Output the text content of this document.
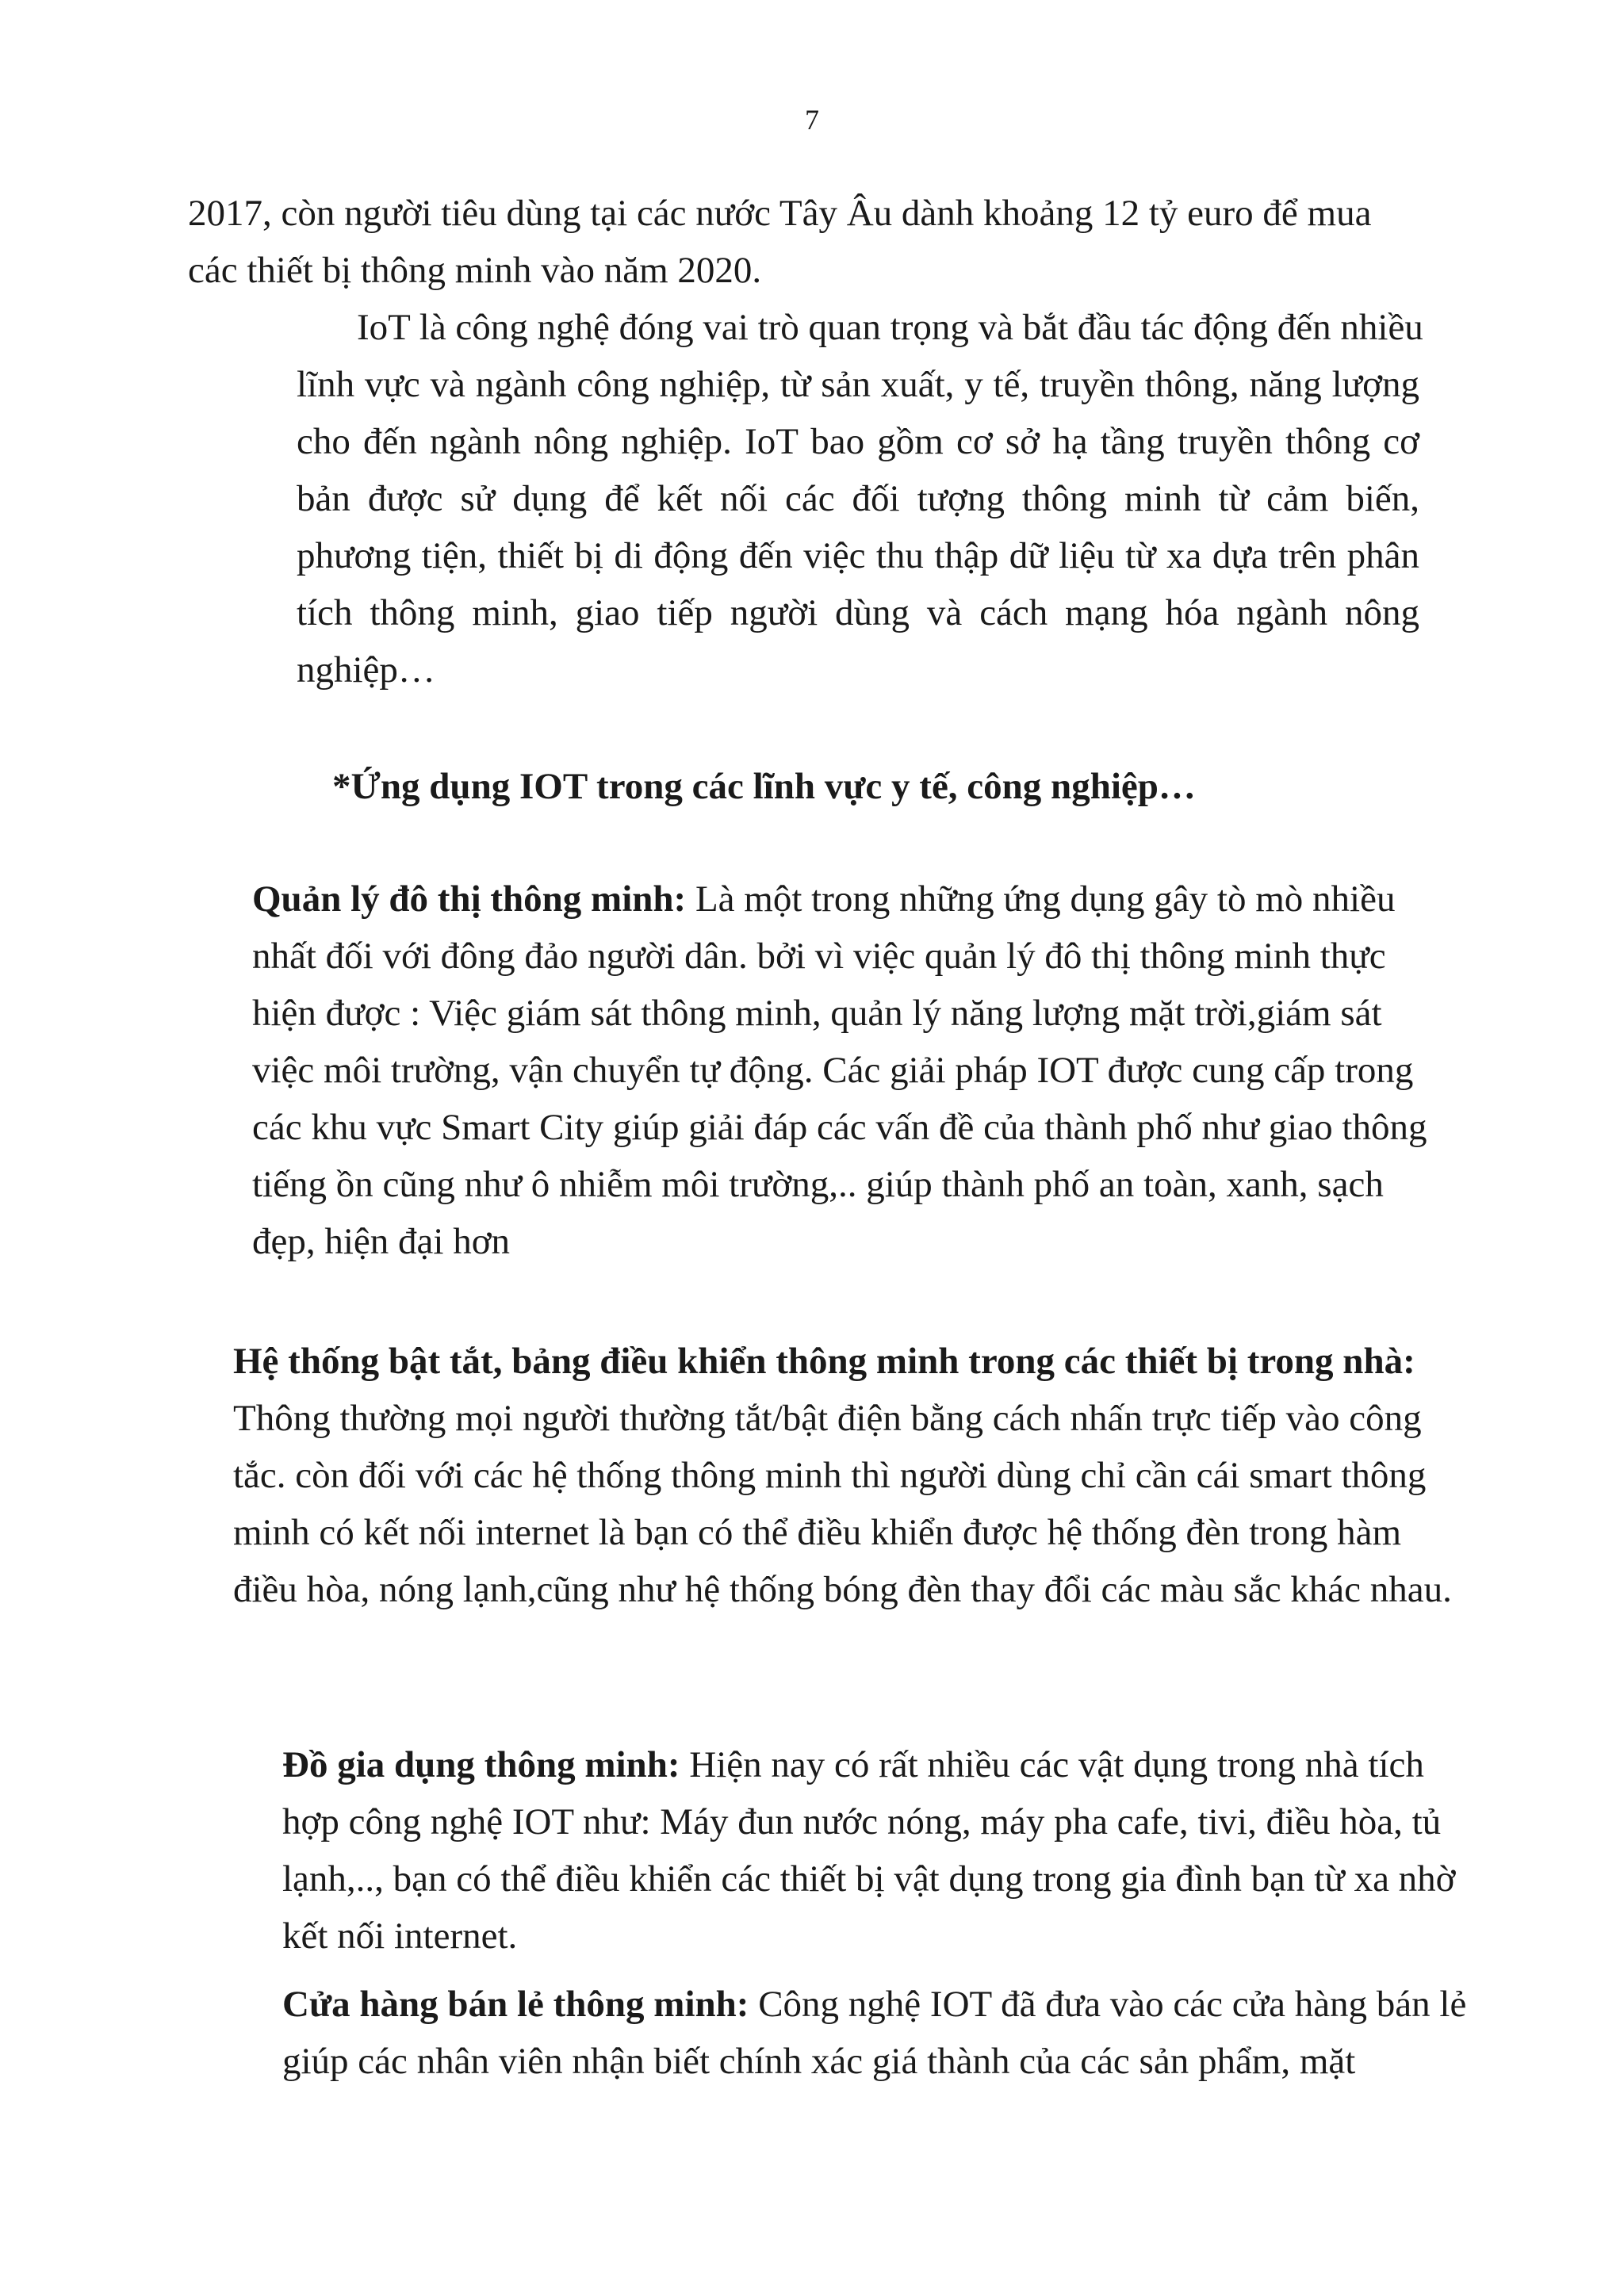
7

2017, còn người tiêu dùng tại các nước Tây Âu dành khoảng 12 tỷ euro để mua các thiết bị thông minh vào năm 2020.

IoT là công nghệ đóng vai trò quan trọng và bắt đầu tác động đến nhiều

lĩnh vực và ngành công nghiệp, từ sản xuất, y tế, truyền thông, năng lượng cho đến ngành nông nghiệp. IoT bao gồm cơ sở hạ tầng truyền thông cơ bản được sử dụng để kết nối các đối tượng thông minh từ cảm biến, phương tiện, thiết bị di động đến việc thu thập dữ liệu từ xa dựa trên phân tích thông minh, giao tiếp người dùng và cách mạng hóa ngành nông nghiệp…

*Ứng dụng IOT trong các lĩnh vực y tế, công nghiệp…

Quản lý đô thị thông minh: Là một trong những ứng dụng gây tò mò nhiều nhất đối với đông đảo người dân. bởi vì việc quản lý đô thị thông minh thực hiện được : Việc giám sát thông minh, quản lý năng lượng mặt trời,giám sát việc môi trường, vận chuyển tự động. Các giải pháp IOT được cung cấp trong các khu vực Smart City giúp giải đáp các vấn đề của thành phố như giao thông tiếng ồn cũng như ô nhiễm môi trường,.. giúp thành phố an toàn, xanh, sạch đẹp, hiện đại hơn

Hệ thống bật tắt, bảng điều khiển thông minh trong các thiết bị trong nhà: Thông thường mọi người thường tắt/bật điện bằng cách nhấn trực tiếp vào công tắc. còn đối với các hệ thống thông minh thì người dùng chỉ cần cái smart thông minh có kết nối internet là bạn có thể điều khiển được hệ thống đèn trong hàm điều hòa, nóng lạnh,cũng như hệ thống bóng đèn thay đổi các màu sắc khác nhau.

Đồ gia dụng thông minh: Hiện nay có rất nhiều các vật dụng trong nhà tích hợp công nghệ IOT như: Máy đun nước nóng, máy pha cafe, tivi, điều hòa, tủ lạnh,.., bạn có thể điều khiển các thiết bị vật dụng trong gia đình bạn từ xa nhờ kết nối internet.

Cửa hàng bán lẻ thông minh: Công nghệ IOT đã đưa vào các cửa hàng bán lẻ giúp các nhân viên nhận biết chính xác giá thành của các sản phẩm, mặt
